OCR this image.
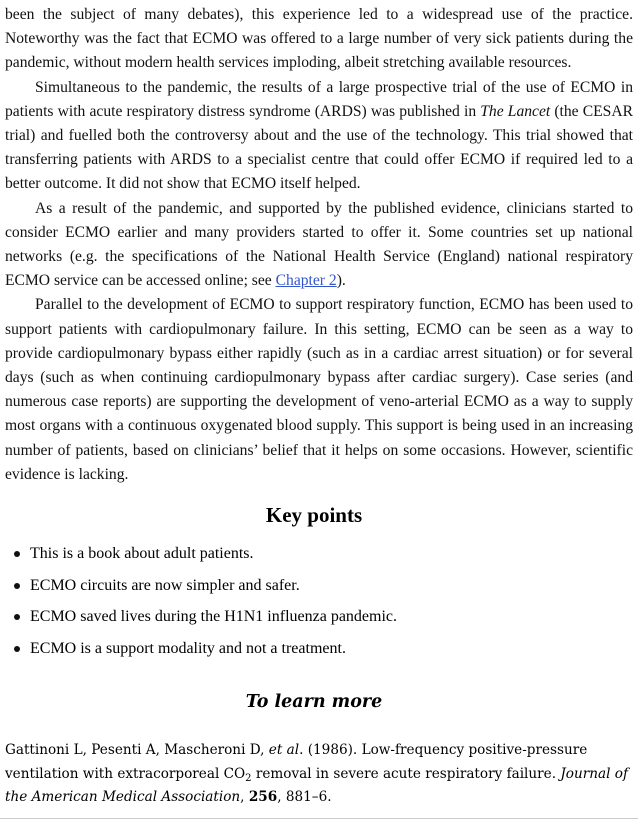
been the subject of many debates), this experience led to a widespread use of the practice. Noteworthy was the fact that ECMO was offered to a large number of very sick patients during the pandemic, without modern health services imploding, albeit stretching available resources.

Simultaneous to the pandemic, the results of a large prospective trial of the use of ECMO in patients with acute respiratory distress syndrome (ARDS) was published in The Lancet (the CESAR trial) and fuelled both the controversy about and the use of the technology. This trial showed that transferring patients with ARDS to a specialist centre that could offer ECMO if required led to a better outcome. It did not show that ECMO itself helped.

As a result of the pandemic, and supported by the published evidence, clinicians started to consider ECMO earlier and many providers started to offer it. Some countries set up national networks (e.g. the specifications of the National Health Service (England) national respiratory ECMO service can be accessed online; see Chapter 2).

Parallel to the development of ECMO to support respiratory function, ECMO has been used to support patients with cardiopulmonary failure. In this setting, ECMO can be seen as a way to provide cardiopulmonary bypass either rapidly (such as in a cardiac arrest situation) or for several days (such as when continuing cardiopulmonary bypass after cardiac surgery). Case series (and numerous case reports) are supporting the development of veno-arterial ECMO as a way to supply most organs with a continuous oxygenated blood supply. This support is being used in an increasing number of patients, based on clinicians’ belief that it helps on some occasions. However, scientific evidence is lacking.

Key points
This is a book about adult patients.
ECMO circuits are now simpler and safer.
ECMO saved lives during the H1N1 influenza pandemic.
ECMO is a support modality and not a treatment.
To learn more

Gattinoni L, Pesenti A, Mascheroni D, et al. (1986). Low-frequency positive-pressure ventilation with extracorporeal $CO_2$ removal in severe acute respiratory failure. Journal of the American Medical Association, 256, 881–6.
